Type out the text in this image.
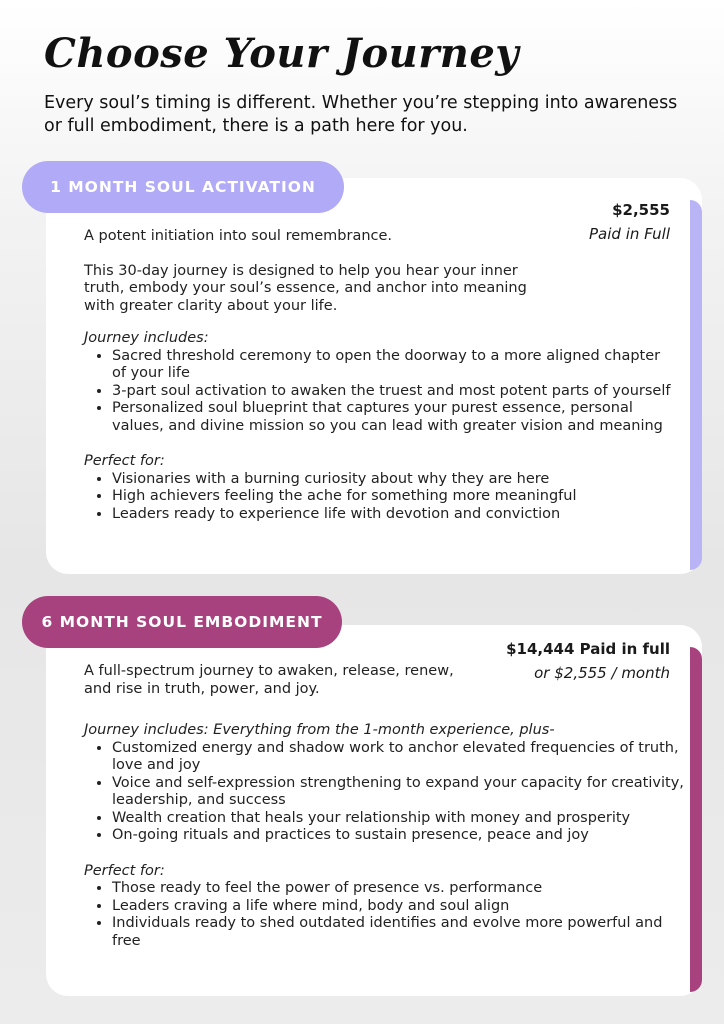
Choose Your Journey
Every soul’s timing is different. Whether you’re stepping into awareness or full embodiment, there is a path here for you.
$2,555
Paid in Full

A potent initiation into soul remembrance.

This 30-day journey is designed to help you hear your inner truth, embody your soul’s essence, and anchor into meaning with greater clarity about your life.

Journey includes:

• Sacred threshold ceremony to open the doorway to a more aligned chapter of your life
• 3-part soul activation to awaken the truest and most potent parts of yourself
• Personalized soul blueprint that captures your purest essence, personal values, and divine mission so you can lead with greater vision and meaning

Perfect for:

• Visionaries with a burning curiosity about why they are here
• High achievers feeling the ache for something more meaningful
• Leaders ready to experience life with devotion and conviction
1 MONTH SOUL ACTIVATION
$14,444 Paid in full
or $2,555 / month

A full-spectrum journey to awaken, release, renew, and rise in truth, power, and joy.

Journey includes: Everything from the 1-month experience, plus-

• Customized energy and shadow work to anchor elevated frequencies of truth, love and joy
• Voice and self-expression strengthening to expand your capacity for creativity, leadership, and success
• Wealth creation that heals your relationship with money and prosperity
• On-going rituals and practices to sustain presence, peace and joy

Perfect for:

• Those ready to feel the power of presence vs. performance
• Leaders craving a life where mind, body and soul align
• Individuals ready to shed outdated identifies and evolve more powerful and free
6 MONTH SOUL EMBODIMENT
